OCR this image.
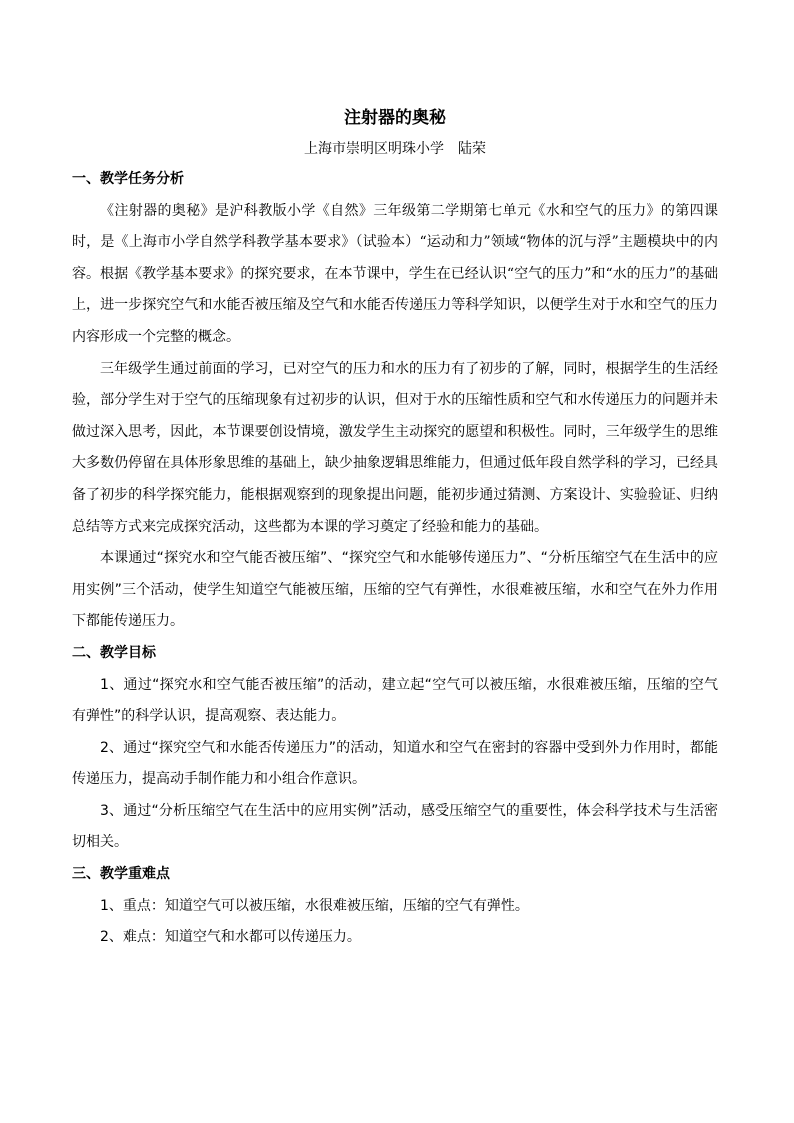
注射器的奥秘

上海市崇明区明珠小学　陆荣

一、教学任务分析

《注射器的奥秘》是沪科教版小学《自然》三年级第二学期第七单元《水和空气的压力》的第四课时，是《上海市小学自然学科教学基本要求》（试验本）“运动和力”领域“物体的沉与浮”主题模块中的内容。根据《教学基本要求》的探究要求，在本节课中，学生在已经认识“空气的压力”和“水的压力”的基础上，进一步探究空气和水能否被压缩及空气和水能否传递压力等科学知识，以便学生对于水和空气的压力内容形成一个完整的概念。

三年级学生通过前面的学习，已对空气的压力和水的压力有了初步的了解，同时，根据学生的生活经验，部分学生对于空气的压缩现象有过初步的认识，但对于水的压缩性质和空气和水传递压力的问题并未做过深入思考，因此，本节课要创设情境，激发学生主动探究的愿望和积极性。同时，三年级学生的思维大多数仍停留在具体形象思维的基础上，缺少抽象逻辑思维能力，但通过低年段自然学科的学习，已经具备了初步的科学探究能力，能根据观察到的现象提出问题，能初步通过猜测、方案设计、实验验证、归纳总结等方式来完成探究活动，这些都为本课的学习奠定了经验和能力的基础。

本课通过“探究水和空气能否被压缩”、“探究空气和水能够传递压力”、“分析压缩空气在生活中的应用实例”三个活动，使学生知道空气能被压缩，压缩的空气有弹性，水很难被压缩，水和空气在外力作用下都能传递压力。

二、教学目标

1、通过“探究水和空气能否被压缩”的活动，建立起“空气可以被压缩，水很难被压缩，压缩的空气有弹性”的科学认识，提高观察、表达能力。

2、通过“探究空气和水能否传递压力”的活动，知道水和空气在密封的容器中受到外力作用时，都能传递压力，提高动手制作能力和小组合作意识。

3、通过“分析压缩空气在生活中的应用实例”活动，感受压缩空气的重要性，体会科学技术与生活密切相关。

三、教学重难点

1、重点：知道空气可以被压缩，水很难被压缩，压缩的空气有弹性。

2、难点：知道空气和水都可以传递压力。
